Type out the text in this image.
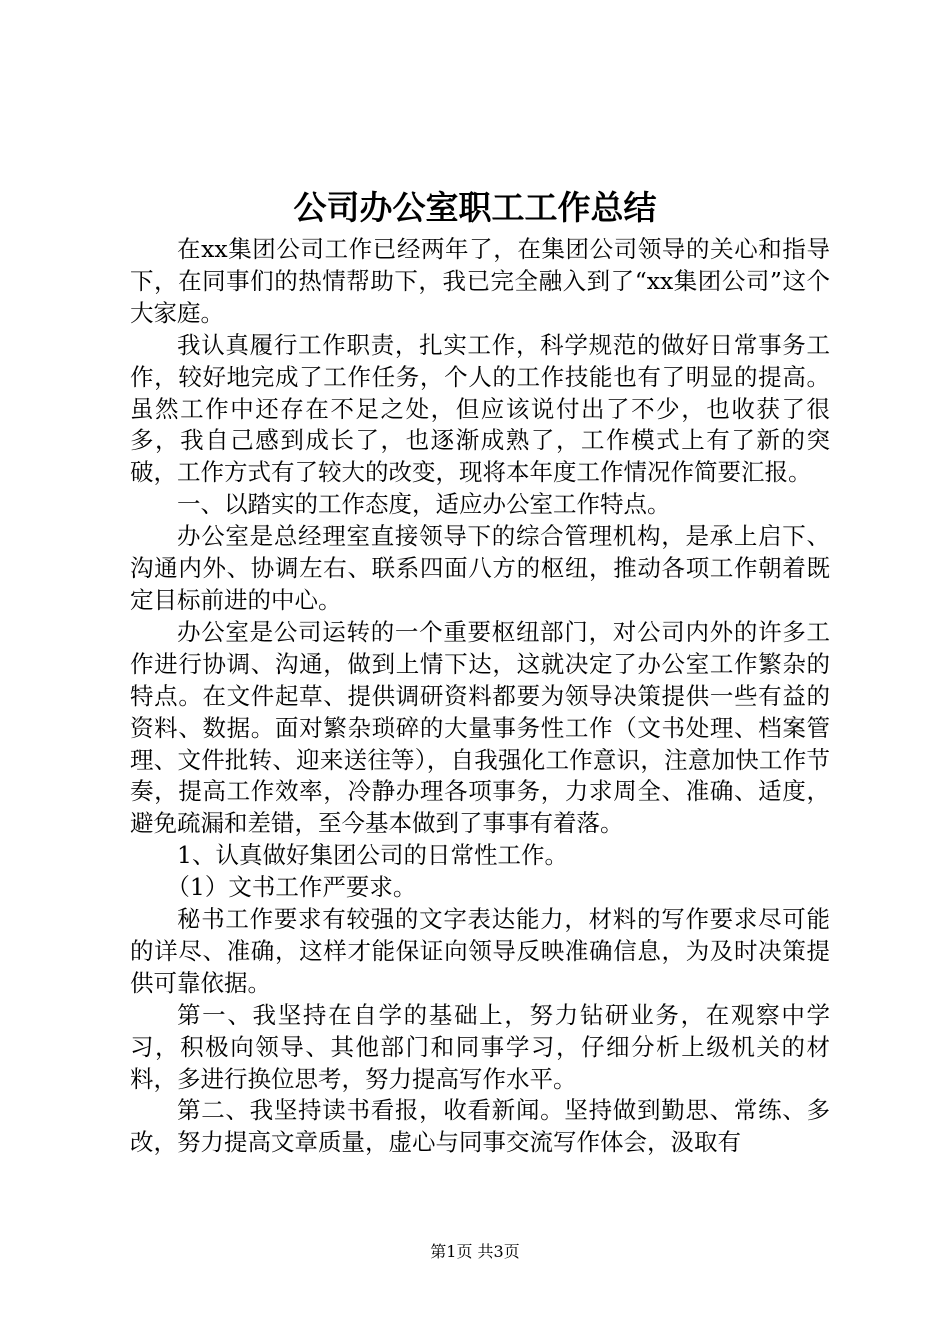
公司办公室职工工作总结

在xx集团公司工作已经两年了，在集团公司领导的关心和指导下，在同事们的热情帮助下，我已完全融入到了“xx集团公司”这个大家庭。

我认真履行工作职责，扎实工作，科学规范的做好日常事务工作，较好地完成了工作任务，个人的工作技能也有了明显的提高。虽然工作中还存在不足之处，但应该说付出了不少，也收获了很多，我自己感到成长了，也逐渐成熟了，工作模式上有了新的突破，工作方式有了较大的改变，现将本年度工作情况作简要汇报。

一、以踏实的工作态度，适应办公室工作特点。

办公室是总经理室直接领导下的综合管理机构，是承上启下、沟通内外、协调左右、联系四面八方的枢纽，推动各项工作朝着既定目标前进的中心。

办公室是公司运转的一个重要枢纽部门，对公司内外的许多工作进行协调、沟通，做到上情下达，这就决定了办公室工作繁杂的特点。在文件起草、提供调研资料都要为领导决策提供一些有益的资料、数据。面对繁杂琐碎的大量事务性工作（文书处理、档案管理、文件批转、迎来送往等），自我强化工作意识，注意加快工作节奏，提高工作效率，冷静办理各项事务，力求周全、准确、适度，避免疏漏和差错，至今基本做到了事事有着落。

1、认真做好集团公司的日常性工作。

（1）文书工作严要求。

秘书工作要求有较强的文字表达能力，材料的写作要求尽可能的详尽、准确，这样才能保证向领导反映准确信息，为及时决策提供可靠依据。

第一、我坚持在自学的基础上，努力钻研业务，在观察中学习，积极向领导、其他部门和同事学习，仔细分析上级机关的材料，多进行换位思考，努力提高写作水平。

第二、我坚持读书看报，收看新闻。坚持做到勤思、常练、多改，努力提高文章质量，虚心与同事交流写作体会，汲取有

第1页 共3页
